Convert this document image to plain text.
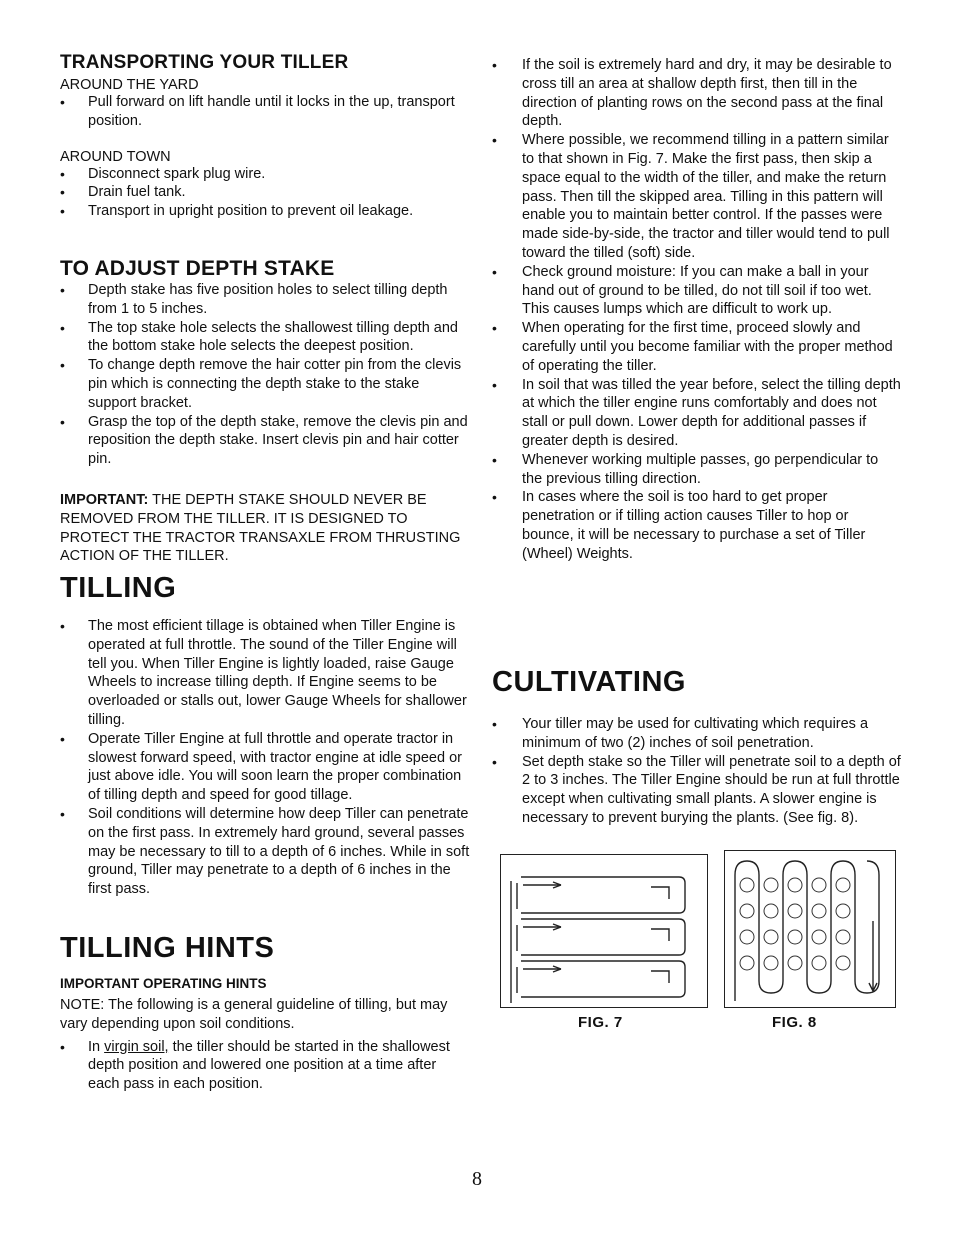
TRANSPORTING YOUR TILLER

AROUND THE YARD

• Pull forward on lift handle until it locks in the up, transport position.

AROUND TOWN

• Disconnect spark plug wire.
• Drain fuel tank.
• Transport in upright position to prevent oil leakage.
TO ADJUST DEPTH STAKE
• Depth stake has five position holes to select tilling depth from 1 to 5 inches.
• The top stake hole selects the shallowest tilling depth and the bottom stake hole selects the deepest position.
• To change depth remove the hair cotter pin from the clevis pin which is connecting the depth stake to the stake support bracket.
• Grasp the top of the depth stake, remove the clevis pin and reposition the depth stake. Insert clevis pin and hair cotter pin.

IMPORTANT: THE DEPTH STAKE SHOULD NEVER BE REMOVED FROM THE TILLER. IT IS DESIGNED TO PROTECT THE TRACTOR TRANSAXLE FROM THRUSTING ACTION OF THE TILLER.

TILLING
• The most efficient tillage is obtained when Tiller Engine is operated at full throttle. The sound of the Tiller Engine will tell you. When Tiller Engine is lightly loaded, raise Gauge Wheels to increase tilling depth. If Engine seems to be overloaded or stalls out, lower Gauge Wheels for shallower tilling.
• Operate Tiller Engine at full throttle and operate tractor in slowest forward speed, with tractor engine at idle speed or just above idle. You will soon learn the proper combination of tilling depth and speed for good tillage.
• Soil conditions will determine how deep Tiller can penetrate on the first pass. In extremely hard ground, several passes may be necessary to till to a depth of 6 inches. While in soft ground, Tiller may penetrate to a depth of 6 inches in the first pass.
TILLING HINTS

IMPORTANT OPERATING HINTS

NOTE: The following is a general guideline of tilling, but may vary depending upon soil conditions.

• In virgin soil, the tiller should be started in the shallowest depth position and lowered one position at a time after each pass in each position.
• If the soil is extremely hard and dry, it may be desirable to cross till an area at shallow depth first, then till in the direction of planting rows on the second pass at the final depth.
• Where possible, we recommend tilling in a pattern similar to that shown in Fig. 7. Make the first pass, then skip a space equal to the width of the tiller, and make the return pass. Then till the skipped area. Tilling in this pattern will enable you to maintain better control. If the passes were made side-by-side, the tractor and tiller would tend to pull toward the tilled (soft) side.
• Check ground moisture: If you can make a ball in your hand out of ground to be tilled, do not till soil if too wet. This causes lumps which are difficult to work up.
• When operating for the first time, proceed slowly and carefully until you become familiar with the proper method of operating the tiller.
• In soil that was tilled the year before, select the tilling depth at which the tiller engine runs comfortably and does not stall or pull down. Lower depth for additional passes if greater depth is desired.
• Whenever working multiple passes, go perpendicular to the previous tilling direction.
• In cases where the soil is too hard to get proper penetration or if tilling action causes Tiller to hop or bounce, it will be necessary to purchase a set of Tiller (Wheel) Weights.
CULTIVATING
• Your tiller may be used for cultivating which requires a minimum of two (2) inches of soil penetration.
• Set depth stake so the Tiller will penetrate soil to a depth of 2 to 3 inches. The Tiller Engine should be run at full throttle except when cultivating small plants. A slower engine is necessary to prevent burying the plants. (See fig. 8).
FIG. 7	FIG. 8
8
